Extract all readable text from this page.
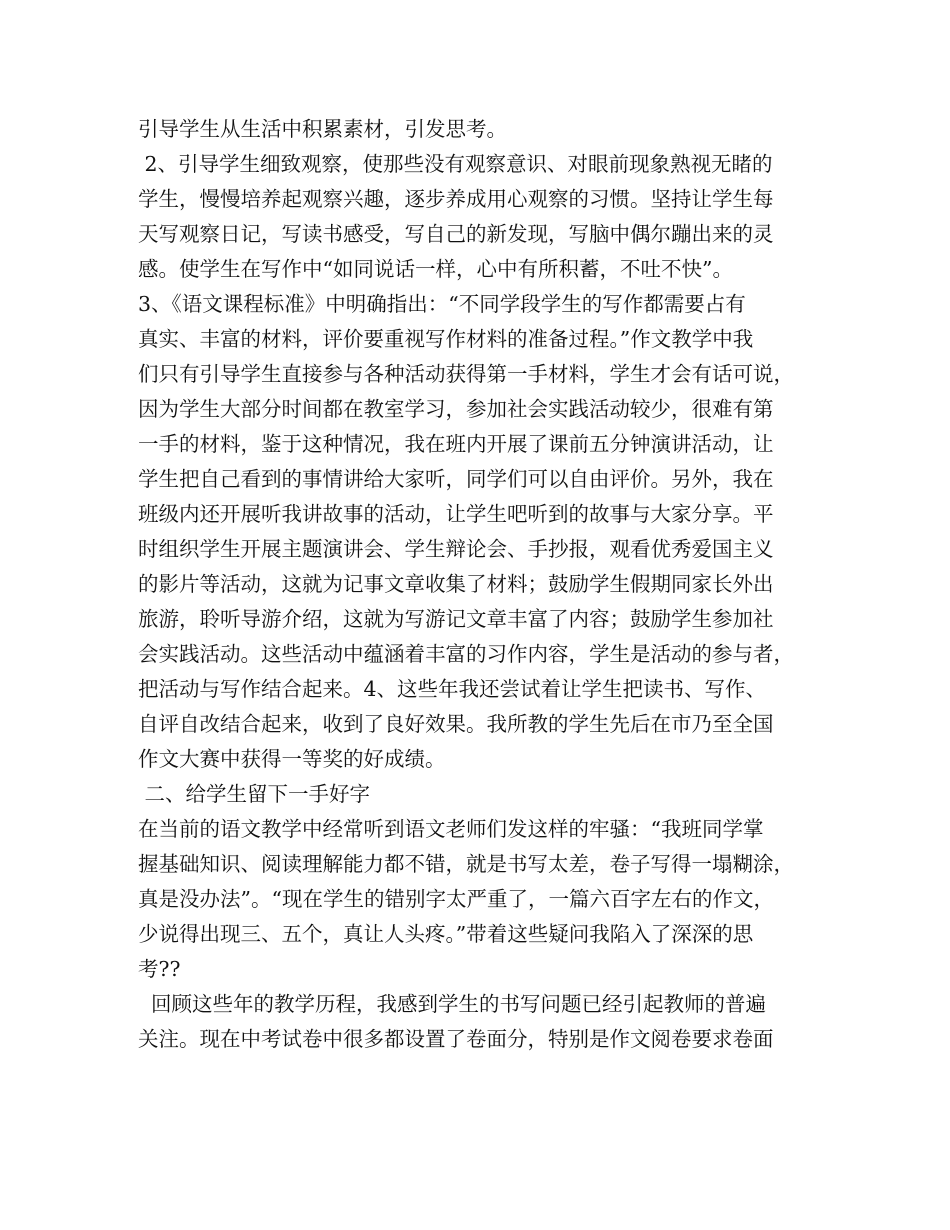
引导学生从生活中积累素材，引发思考。
2、引导学生细致观察，使那些没有观察意识、对眼前现象熟视无睹的
学生，慢慢培养起观察兴趣，逐步养成用心观察的习惯。坚持让学生每
天写观察日记，写读书感受，写自己的新发现，写脑中偶尔蹦出来的灵
感。使学生在写作中“如同说话一样，心中有所积蓄，不吐不快”。
3、《语文课程标准》中明确指出：“不同学段学生的写作都需要占有
真实、丰富的材料，评价要重视写作材料的准备过程。”作文教学中我
们只有引导学生直接参与各种活动获得第一手材料，学生才会有话可说，
因为学生大部分时间都在教室学习，参加社会实践活动较少，很难有第
一手的材料，鉴于这种情况，我在班内开展了课前五分钟演讲活动，让
学生把自己看到的事情讲给大家听，同学们可以自由评价。另外，我在
班级内还开展听我讲故事的活动，让学生吧听到的故事与大家分享。平
时组织学生开展主题演讲会、学生辩论会、手抄报，观看优秀爱国主义
的影片等活动，这就为记事文章收集了材料；鼓励学生假期同家长外出
旅游，聆听导游介绍，这就为写游记文章丰富了内容；鼓励学生参加社
会实践活动。这些活动中蕴涵着丰富的习作内容，学生是活动的参与者，
把活动与写作结合起来。4、这些年我还尝试着让学生把读书、写作、
自评自改结合起来，收到了良好效果。我所教的学生先后在市乃至全国
作文大赛中获得一等奖的好成绩。
二、给学生留下一手好字
在当前的语文教学中经常听到语文老师们发这样的牢骚：“我班同学掌
握基础知识、阅读理解能力都不错，就是书写太差，卷子写得一塌糊涂，
真是没办法”。“现在学生的错别字太严重了，一篇六百字左右的作文，
少说得出现三、五个，真让人头疼。”带着这些疑问我陷入了深深的思
考??
回顾这些年的教学历程，我感到学生的书写问题已经引起教师的普遍
关注。现在中考试卷中很多都设置了卷面分，特别是作文阅卷要求卷面
